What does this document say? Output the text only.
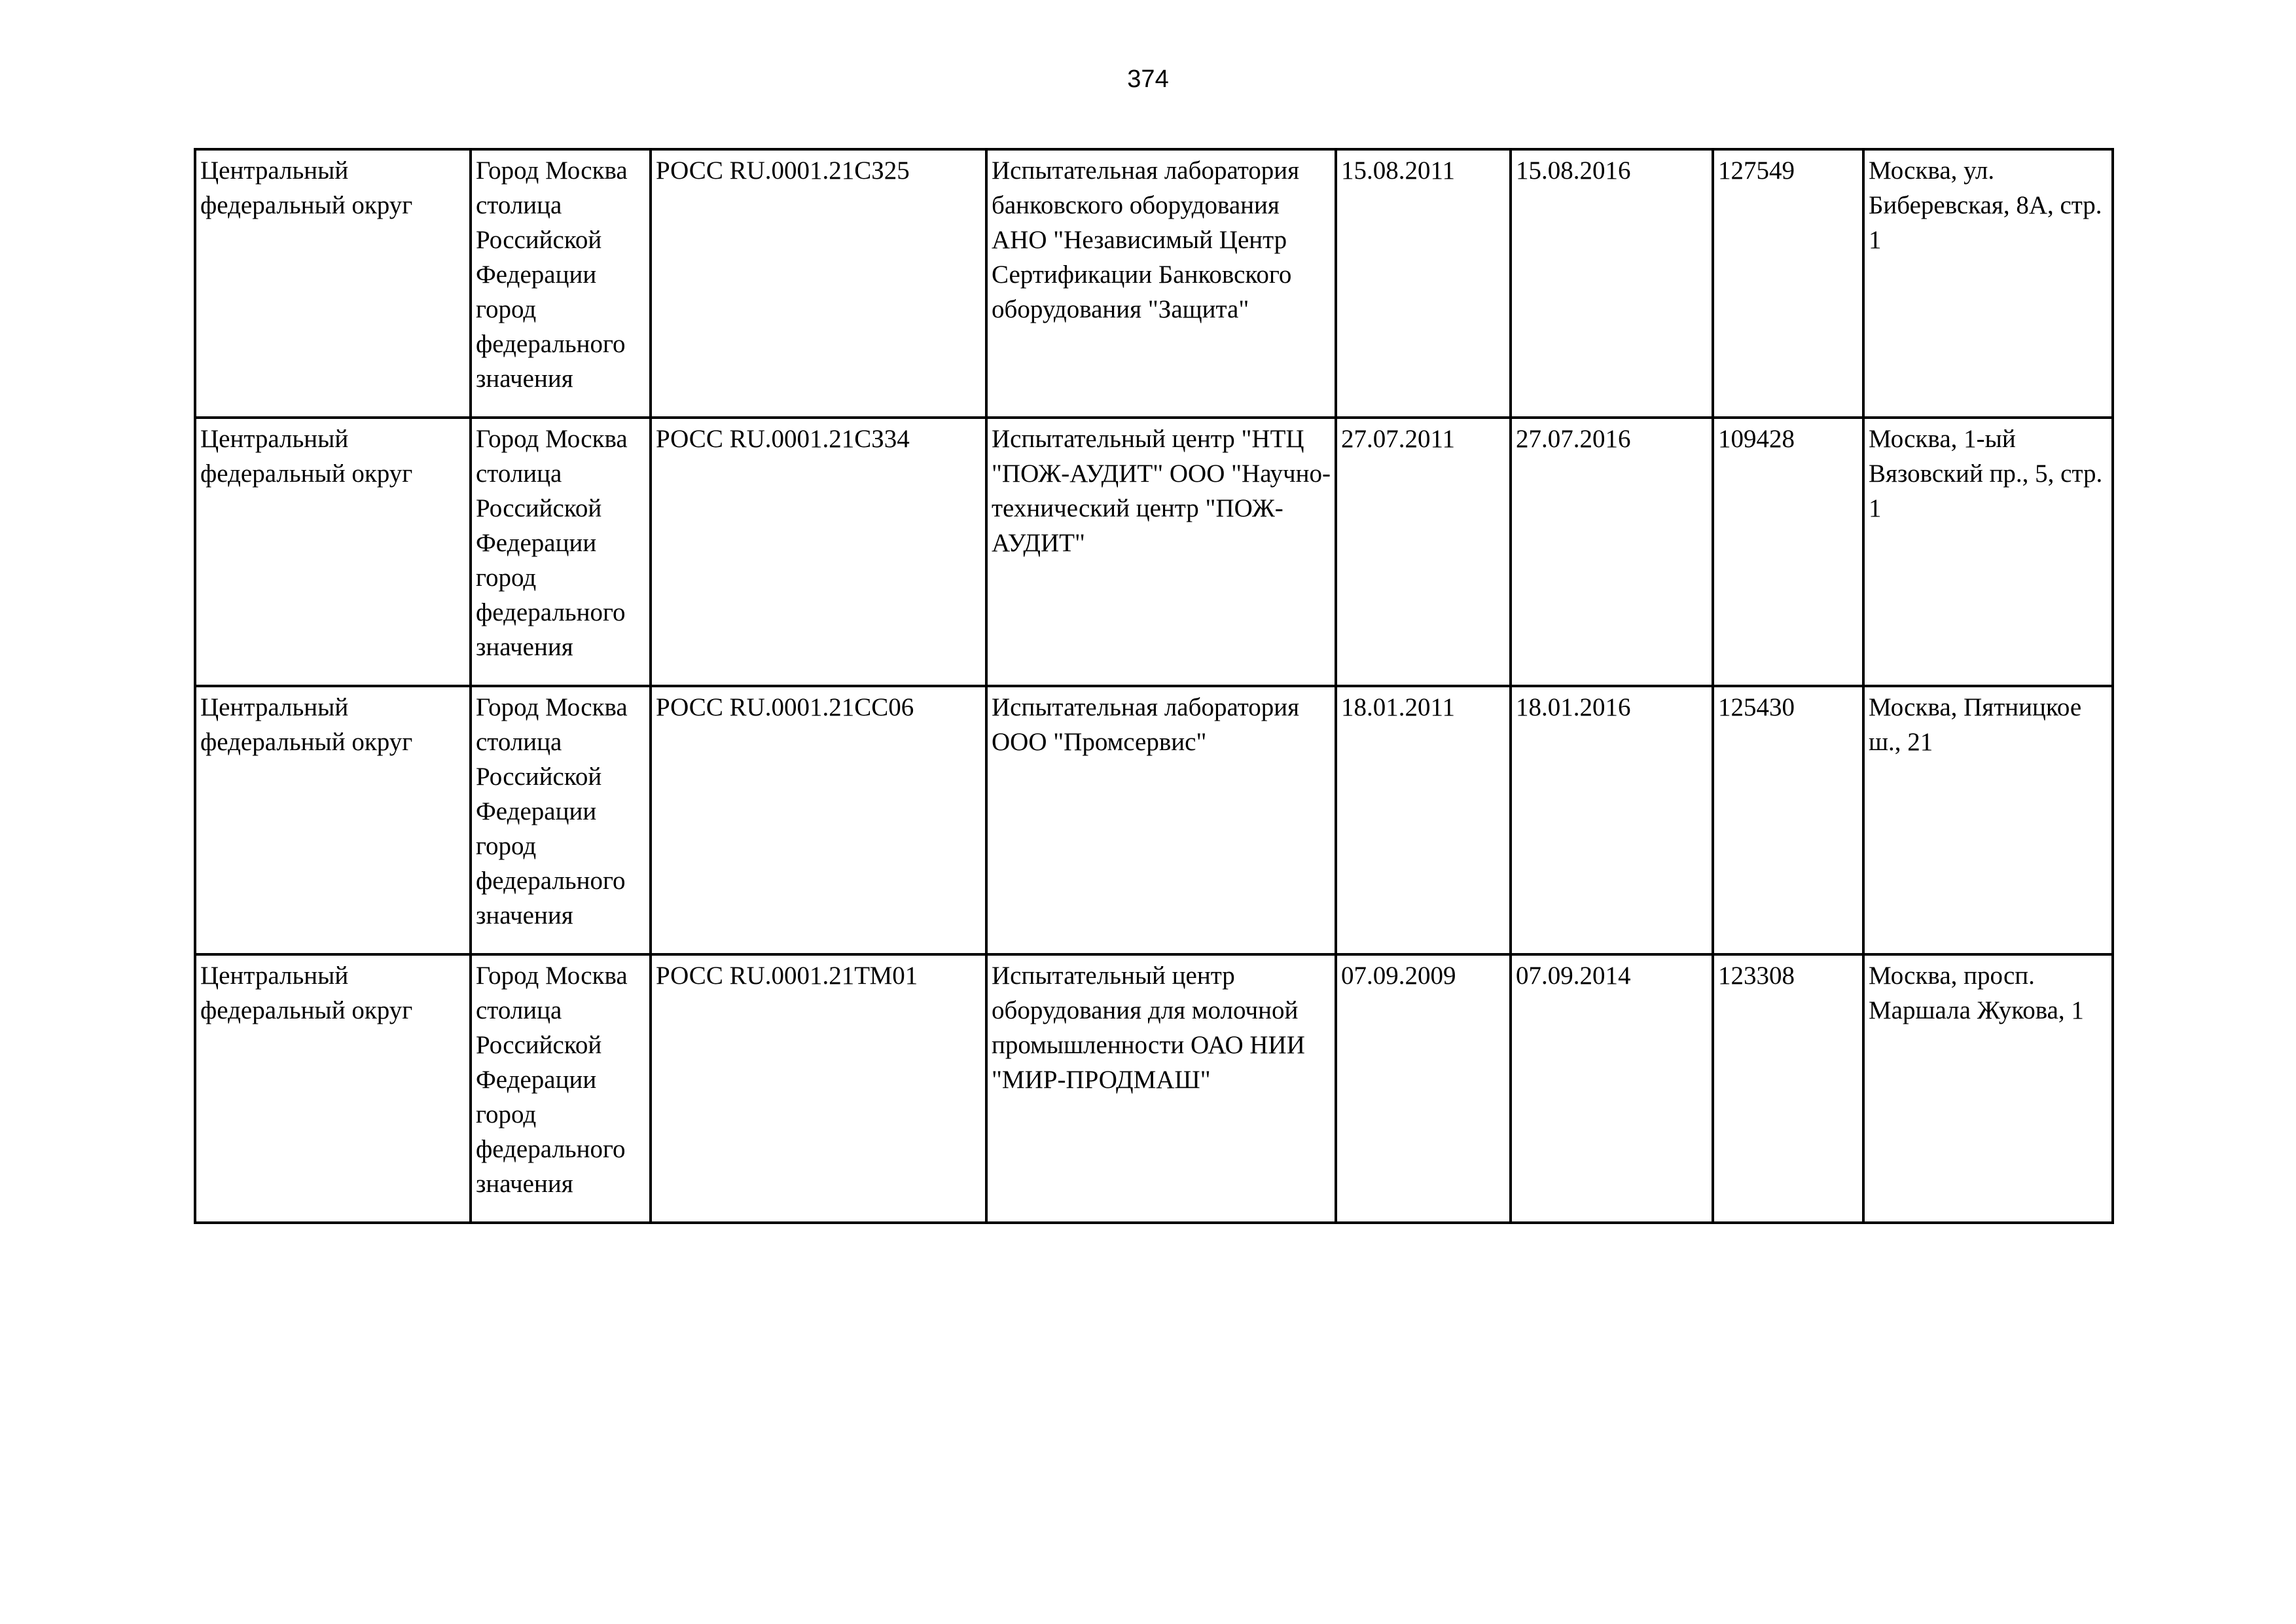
374
Центральный федеральный округ	Город Москва столица Российской Федерации город федерального значения	РОСС RU.0001.21СЗ25	Испытательная лаборатория банковского оборудования АНО "Независимый Центр Сертификации Банковского оборудования "Защита"	15.08.2011	15.08.2016	127549	Москва, ул. Биберевская, 8А, стр. 1

Центральный федеральный округ	Город Москва столица Российской Федерации город федерального значения	РОСС RU.0001.21СЗ34	Испытательный центр "НТЦ "ПОЖ-АУДИТ" ООО "Научно-технический центр "ПОЖ-АУДИТ"	27.07.2011	27.07.2016	109428	Москва, 1-ый Вязовский пр., 5, стр. 1

Центральный федеральный округ	Город Москва столица Российской Федерации город федерального значения	РОСС RU.0001.21СС06	Испытательная лаборатория ООО "Промсервис"	18.01.2011	18.01.2016	125430	Москва, Пятницкое ш., 21

Центральный федеральный округ	Город Москва столица Российской Федерации город федерального значения	РОСС RU.0001.21ТМ01	Испытательный центр оборудования для молочной промышленности ОАО НИИ "МИР-ПРОДМАШ"	07.09.2009	07.09.2014	123308	Москва, просп. Маршала Жукова, 1
